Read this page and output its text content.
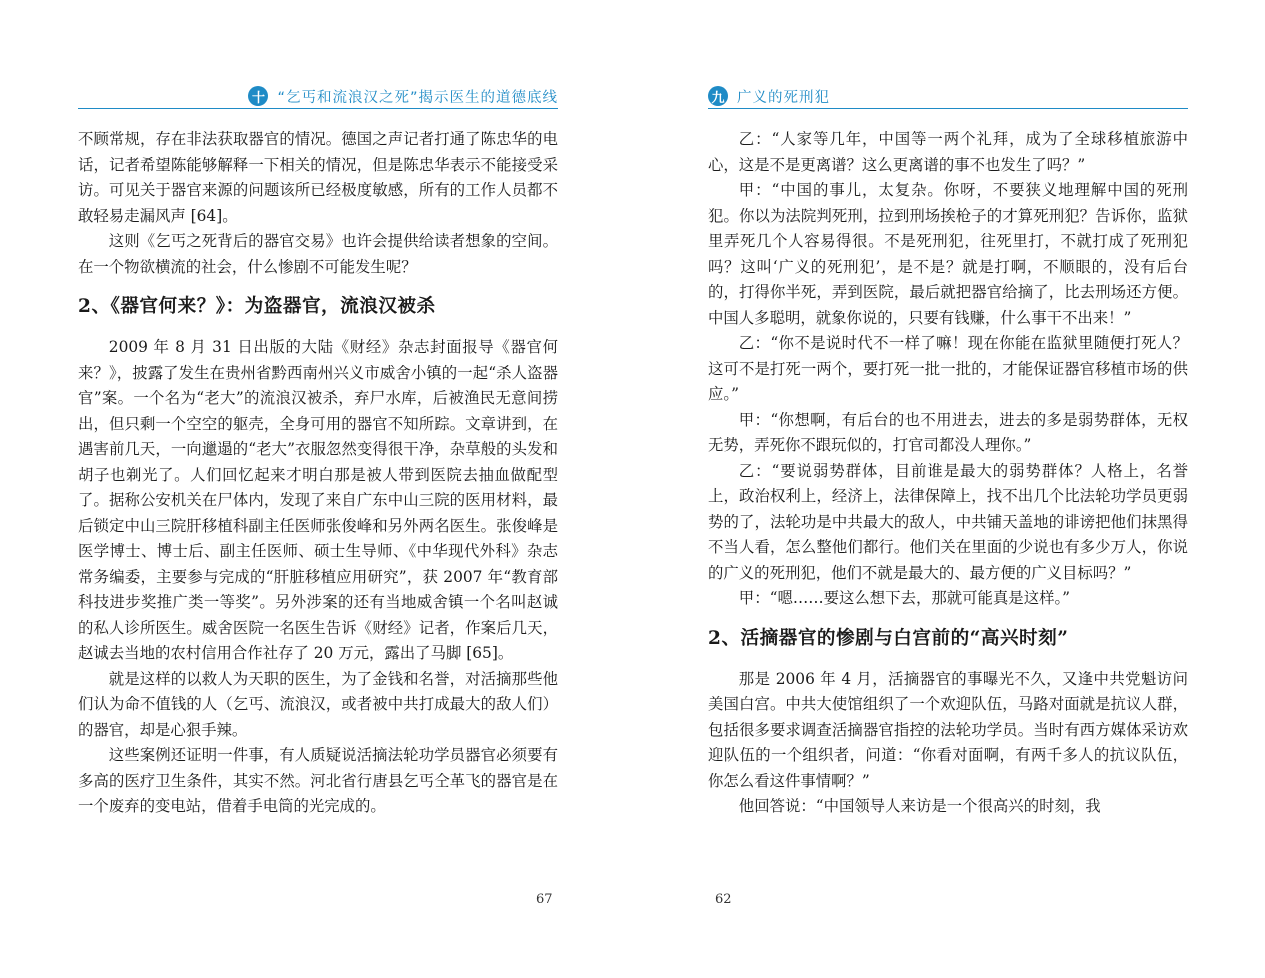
十 “乞丐和流浪汉之死”揭示医生的道德底线

不顾常规，存在非法获取器官的情况。德国之声记者打通了陈忠华的电话，记者希望陈能够解释一下相关的情况，但是陈忠华表示不能接受采访。可见关于器官来源的问题该所已经极度敏感，所有的工作人员都不敢轻易走漏风声 [64]。

这则《乞丐之死背后的器官交易》也许会提供给读者想象的空间。在一个物欲横流的社会，什么惨剧不可能发生呢？

2、《器官何来？》：为盗器官，流浪汉被杀

2009 年 8 月 31 日出版的大陆《财经》杂志封面报导《器官何来？》，披露了发生在贵州省黔西南州兴义市威舍小镇的一起“杀人盗器官”案。一个名为“老大”的流浪汉被杀，弃尸水库，后被渔民无意间捞出，但只剩一个空空的躯壳，全身可用的器官不知所踪。文章讲到，在遇害前几天，一向邋遢的“老大”衣服忽然变得很干净，杂草般的头发和胡子也剃光了。人们回忆起来才明白那是被人带到医院去抽血做配型了。据称公安机关在尸体内，发现了来自广东中山三院的医用材料，最后锁定中山三院肝移植科副主任医师张俊峰和另外两名医生。张俊峰是医学博士、博士后、副主任医师、硕士生导师、《中华现代外科》杂志常务编委，主要参与完成的“肝脏移植应用研究”，获 2007 年“教育部科技进步奖推广类一等奖”。另外涉案的还有当地威舍镇一个名叫赵诚的私人诊所医生。威舍医院一名医生告诉《财经》记者，作案后几天，赵诚去当地的农村信用合作社存了 20 万元，露出了马脚 [65]。

就是这样的以救人为天职的医生，为了金钱和名誉，对活摘那些他们认为命不值钱的人（乞丐、流浪汉，或者被中共打成最大的敌人们）的器官，却是心狠手辣。

这些案例还证明一件事，有人质疑说活摘法轮功学员器官必须要有多高的医疗卫生条件，其实不然。河北省行唐县乞丐仝革飞的器官是在一个废弃的变电站，借着手电筒的光完成的。

67
九 广义的死刑犯

乙：“人家等几年，中国等一两个礼拜，成为了全球移植旅游中心，这是不是更离谱？这么更离谱的事不也发生了吗？”

甲：“中国的事儿，太复杂。你呀，不要狭义地理解中国的死刑犯。你以为法院判死刑，拉到刑场挨枪子的才算死刑犯？告诉你，监狱里弄死几个人容易得很。不是死刑犯，往死里打，不就打成了死刑犯吗？这叫‘广义的死刑犯’，是不是？就是打啊，不顺眼的，没有后台的，打得你半死，弄到医院，最后就把器官给摘了，比去刑场还方便。中国人多聪明，就象你说的，只要有钱赚，什么事干不出来！”

乙：“你不是说时代不一样了嘛！现在你能在监狱里随便打死人？这可不是打死一两个，要打死一批一批的，才能保证器官移植市场的供应。”

甲：“你想啊，有后台的也不用进去，进去的多是弱势群体，无权无势，弄死你不跟玩似的，打官司都没人理你。”

乙：“要说弱势群体，目前谁是最大的弱势群体？人格上，名誉上，政治权利上，经济上，法律保障上，找不出几个比法轮功学员更弱势的了，法轮功是中共最大的敌人，中共铺天盖地的诽谤把他们抹黑得不当人看，怎么整他们都行。他们关在里面的少说也有多少万人，你说的广义的死刑犯，他们不就是最大的、最方便的广义目标吗？”

甲：“嗯……要这么想下去，那就可能真是这样。”

2、活摘器官的惨剧与白宫前的“高兴时刻”

那是 2006 年 4 月，活摘器官的事曝光不久，又逢中共党魁访问美国白宫。中共大使馆组织了一个欢迎队伍，马路对面就是抗议人群，包括很多要求调查活摘器官指控的法轮功学员。当时有西方媒体采访欢迎队伍的一个组织者，问道：“你看对面啊，有两千多人的抗议队伍，你怎么看这件事情啊？”

他回答说：“中国领导人来访是一个很高兴的时刻，我

62
